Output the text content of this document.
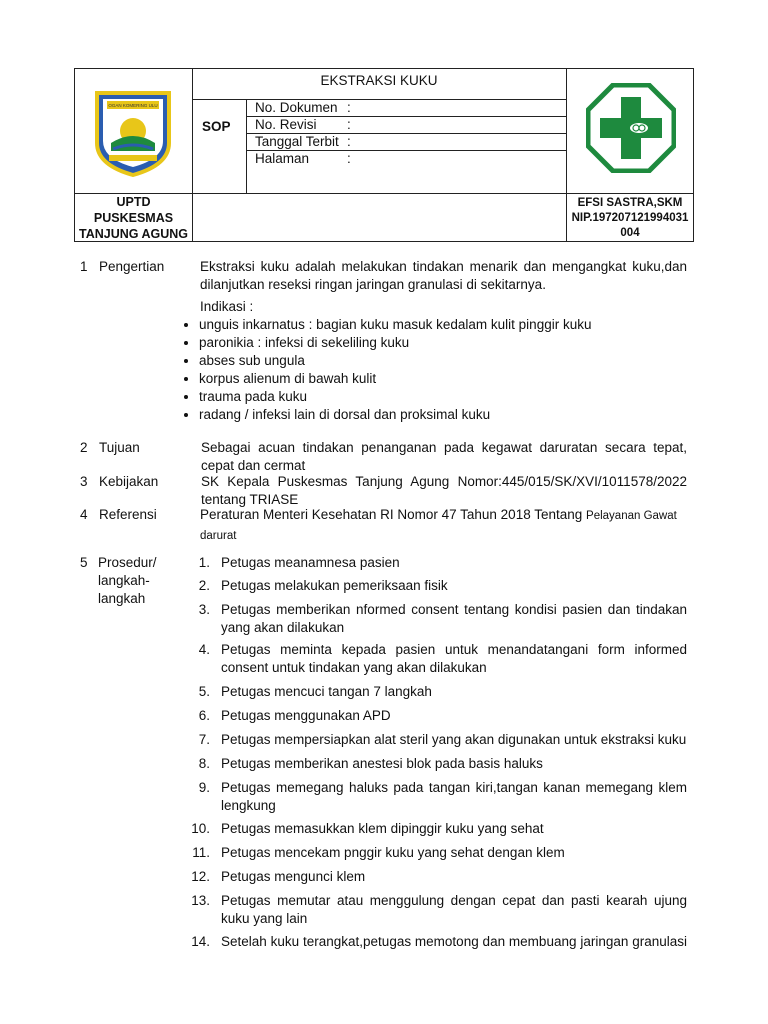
OGAN KOMERING ULU
EKSTRAKSI KUKU
SOP
No. Dokumen :
No. Revisi :
Tanggal Terbit :
Halaman	:
UPTD
PUSKESMAS
TANJUNG AGUNG
EFSI SASTRA,SKM
NIP.197207121994031
004
1 Pengertian	Ekstraksi kuku adalah melakukan tindakan menarik dan mengangkat kuku,dan dilanjutkan reseksi ringan jaringan granulasi di sekitarnya.
Indikasi :
• unguis inkarnatus : bagian kuku masuk kedalam kulit pinggir kuku
• paronikia : infeksi di sekeliling kuku
• abses sub ungula
• korpus alienum di bawah kulit
• trauma pada kuku
• radang / infeksi lain di dorsal dan proksimal kuku
2 Tujuan	Sebagai acuan tindakan penanganan pada kegawat daruratan secara tepat, cepat dan cermat
3 Kebijakan	SK Kepala Puskesmas Tanjung Agung Nomor:445/015/SK/XVI/1011578/2022 tentang TRIASE
4 Referensi	Peraturan Menteri Kesehatan RI Nomor 47 Tahun 2018 Tentang Pelayanan Gawat
darurat
5 Prosedur/
langkah-
langkah
1. Petugas meanamnesa pasien
2. Petugas melakukan pemeriksaan fisik
3. Petugas memberikan nformed consent tentang kondisi pasien dan tindakan yang akan dilakukan
4. Petugas meminta kepada pasien untuk menandatangani form informed consent untuk tindakan yang akan dilakukan
5. Petugas mencuci tangan 7 langkah
6. Petugas menggunakan APD
7. Petugas mempersiapkan alat steril yang akan digunakan untuk ekstraksi kuku
8. Petugas memberikan anestesi blok pada basis haluks
9. Petugas memegang haluks pada tangan kiri,tangan kanan memegang klem lengkung
10. Petugas memasukkan klem dipinggir kuku yang sehat
11. Petugas mencekam pnggir kuku yang sehat dengan klem
12. Petugas mengunci klem
13. Petugas memutar atau menggulung dengan cepat dan pasti kearah ujung kuku yang lain
14. Setelah kuku terangkat,petugas memotong dan membuang jaringan granulasi
